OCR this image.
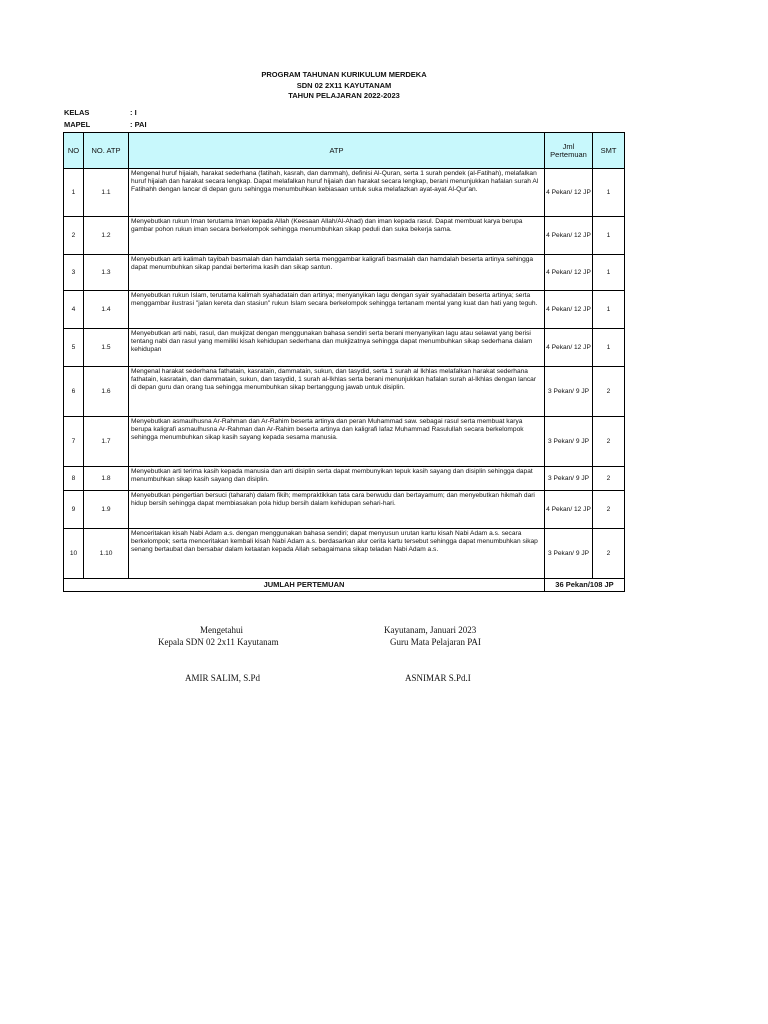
PROGRAM TAHUNAN KURIKULUM MERDEKA
SDN 02 2X11 KAYUTANAM
TAHUN PELAJARAN 2022-2023
KELAS	: I
MAPEL	: PAI
NO	NO. ATP	ATP	Jml Pertemuan	SMT
1	1.1	Mengenal huruf hijaiah, harakat sederhana (fatihah, kasrah, dan dammah), definisi Al-Quran, serta 1 surah pendek (al-Fatihah), melafalkan huruf hijaiah dan harakat secara lengkap. Dapat melafalkan huruf hijaiah dan harakat secara lengkap, berani menunjukkan hafalan surah Al Fatihahh dengan lancar di depan guru sehingga menumbuhkan kebiasaan untuk suka melafazkan ayat-ayat Al-Qur'an.	4 Pekan/ 12 JP	1
2	1.2	Menyebutkan rukun Iman terutama Iman kepada Allah (Keesaan Allah/Al-Ahad) dan iman kepada rasul. Dapat membuat karya berupa gambar pohon rukun iman secara berkelompok sehingga menumbuhkan sikap peduli dan suka bekerja sama.	4 Pekan/ 12 JP	1
3	1.3	Menyebutkan arti kalimah tayibah basmalah dan hamdalah serta menggambar kaligrafi basmalah dan hamdalah beserta artinya sehingga dapat menumbuhkan sikap pandai berterima kasih dan sikap santun.	4 Pekan/ 12 JP	1
4	1.4	Menyebutkan rukun Islam, terutama kalimah syahadatain dan artinya; menyanyikan lagu dengan syair syahadatain beserta artinya; serta menggambar ilustrasi "jalan kereta dan stasiun" rukun Islam secara berkelompok sehingga tertanam mental yang kuat dan hati yang teguh.	4 Pekan/ 12 JP	1
5	1.5	Menyebutkan arti nabi, rasul, dan mukjizat dengan menggunakan bahasa sendiri serta berani menyanyikan lagu atau selawat yang berisi tentang nabi dan rasul yang memiliki kisah kehidupan sederhana dan mukjizatnya sehingga dapat menumbuhkan sikap sederhana dalam kehidupan	4 Pekan/ 12 JP	1
6	1.6	Mengenal harakat sederhana fathatain, kasratain, dammatain, sukun, dan tasydid, serta 1 surah al Ikhlas melafalkan harakat sederhana fathatain, kasratain, dan dammatain, sukun, dan tasydid, 1 surah al-Ikhlas serta berani menunjukkan hafalan surah al-Ikhlas dengan lancar di depan guru dan orang tua sehingga menumbuhkan sikap bertanggung jawab untuk disiplin.	3 Pekan/ 9 JP	2
7	1.7	Menyebutkan asmaulhusna Ar-Rahman dan Ar-Rahim beserta artinya dan peran Muhammad saw. sebagai rasul serta membuat karya berupa kaligrafi asmaulhusna Ar-Rahman dan Ar-Rahim beserta artinya dan kaligrafi lafaz Muhammad Rasulullah secara berkelompok sehingga menumbuhkan sikap kasih sayang kepada sesama manusia.	3 Pekan/ 9 JP	2
8	1.8	Menyebutkan arti terima kasih kepada manusia dan arti disiplin serta dapat membunyikan tepuk kasih sayang dan disiplin sehingga dapat menumbuhkan sikap kasih sayang dan disiplin.	3 Pekan/ 9 JP	2
9	1.9	Menyebutkan pengertian bersuci (taharah) dalam fikih; mempraktikkan tata cara berwudu dan bertayamum; dan menyebutkan hikmah dari hidup bersih sehingga dapat membiasakan pola hidup bersih dalam kehidupan sehari-hari.	4 Pekan/ 12 JP	2
10	1.10	Menceritakan kisah Nabi Adam a.s. dengan menggunakan bahasa sendiri; dapat menyusun urutan kartu kisah Nabi Adam a.s. secara berkelompok; serta menceritakan kembali kisah Nabi Adam a.s. berdasarkan alur cerita kartu tersebut sehingga dapat menumbuhkan sikap senang bertaubat dan bersabar dalam ketaatan kepada Allah sebagaimana sikap teladan Nabi Adam a.s.	3 Pekan/ 9 JP	2
JUMLAH PERTEMUAN			36 Pekan/108 JP	
Mengetahui
Kepala SDN 02 2x11 Kayutanam
AMIR SALIM, S.Pd
Kayutanam, Januari 2023
Guru Mata Pelajaran PAI
ASNIMAR S.Pd.I
